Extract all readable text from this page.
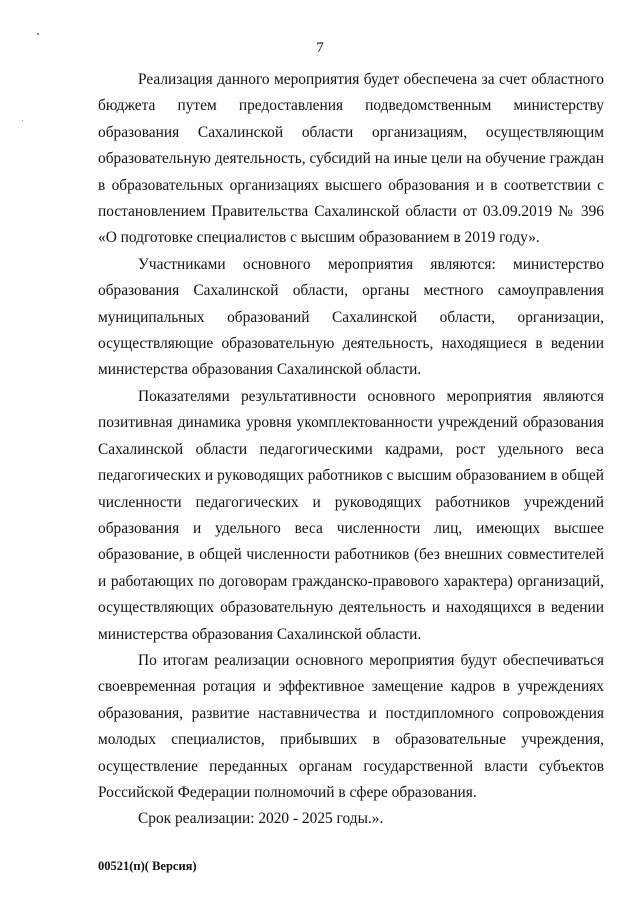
7

Реализация данного мероприятия будет обеспечена за счет областного бюджета путем предоставления подведомственным министерству образования Сахалинской области организациям, осуществляющим образовательную деятельность, субсидий на иные цели на обучение граждан в образовательных организациях высшего образования и в соответствии с постановлением Правительства Сахалинской области от 03.09.2019 № 396 «О подготовке специалистов с высшим образованием в 2019 году».

Участниками основного мероприятия являются: министерство образования Сахалинской области, органы местного самоуправления муниципальных образований Сахалинской области, организации, осуществляющие образовательную деятельность, находящиеся в ведении министерства образования Сахалинской области.

Показателями результативности основного мероприятия являются позитивная динамика уровня укомплектованности учреждений образования Сахалинской области педагогическими кадрами, рост удельного веса педагогических и руководящих работников с высшим образованием в общей численности педагогических и руководящих работников учреждений образования и удельного веса численности лиц, имеющих высшее образование, в общей численности работников (без внешних совместителей и работающих по договорам гражданско-правового характера) организаций, осуществляющих образовательную деятельность и находящихся в ведении министерства образования Сахалинской области.

По итогам реализации основного мероприятия будут обеспечиваться своевременная ротация и эффективное замещение кадров в учреждениях образования, развитие наставничества и постдипломного сопровождения молодых специалистов, прибывших в образовательные учреждения, осуществление переданных органам государственной власти субъектов Российской Федерации полномочий в сфере образования.

Срок реализации: 2020 - 2025 годы.».

00521(п)( Версия)
